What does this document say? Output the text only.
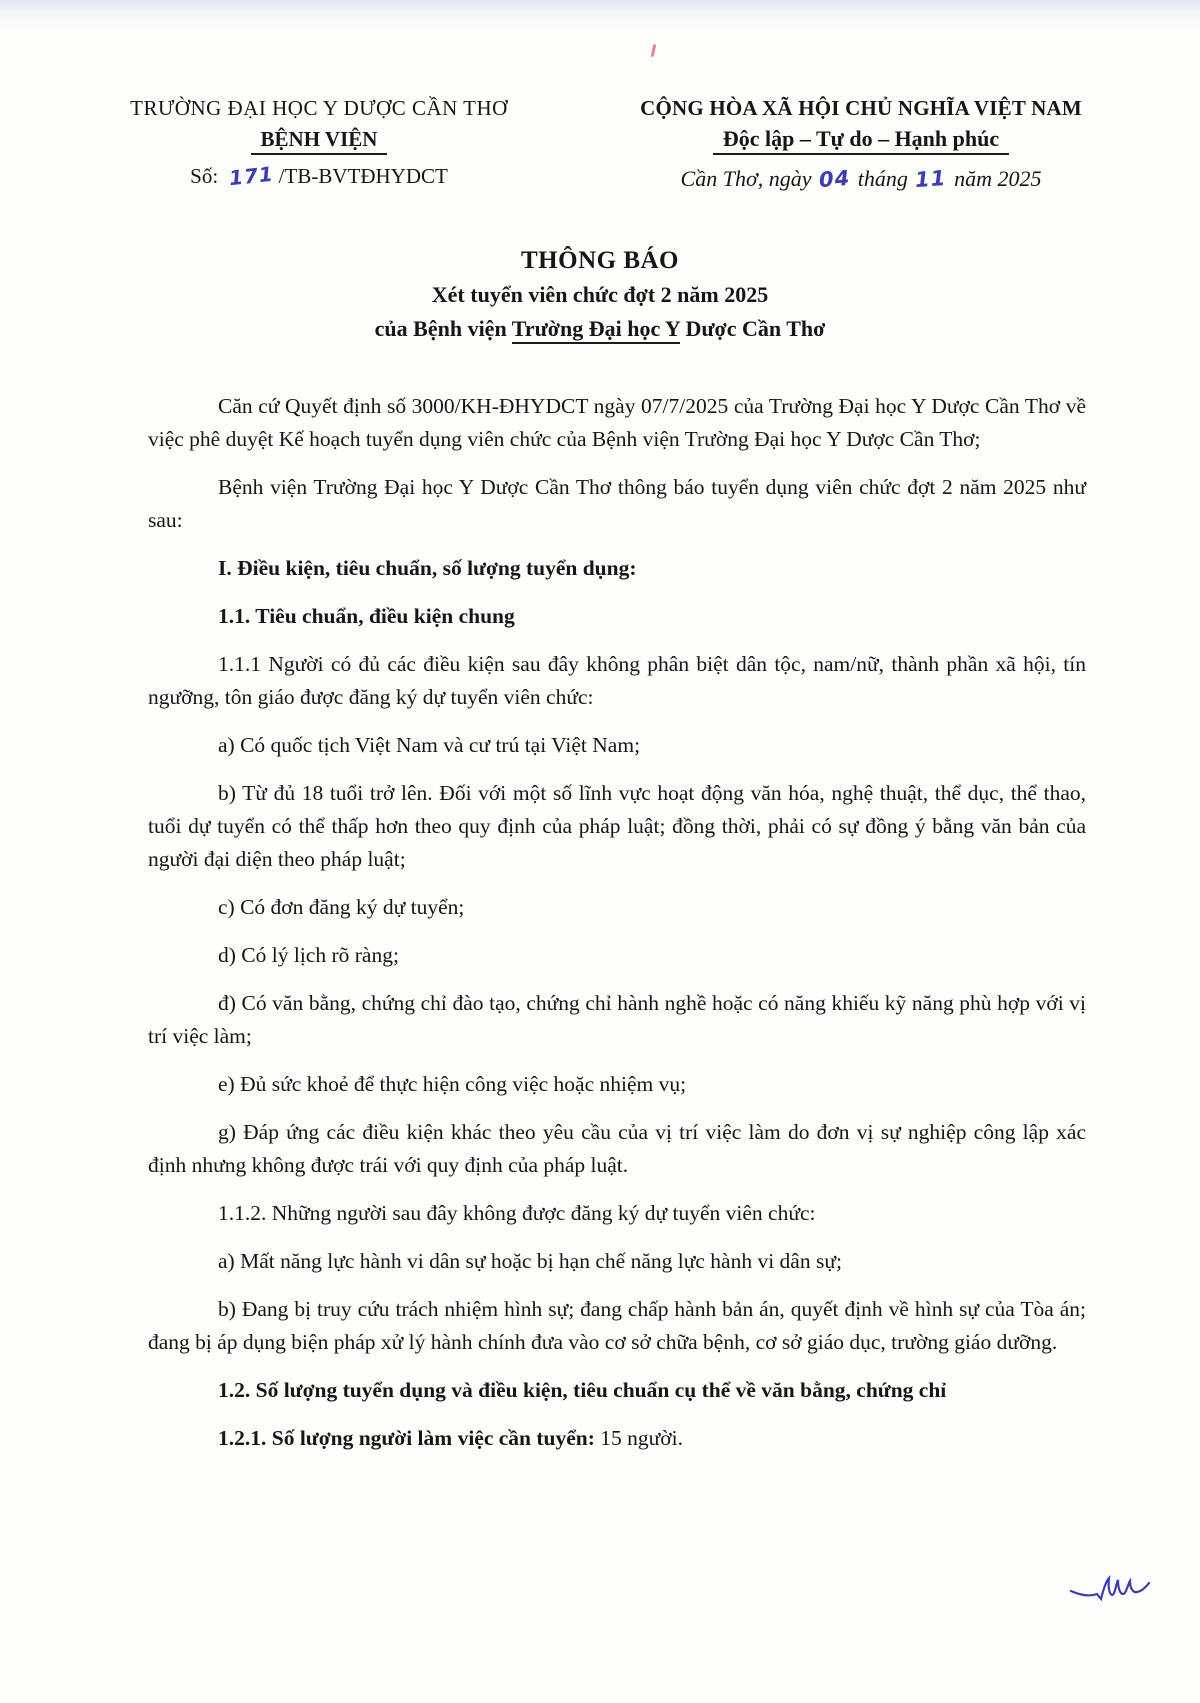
TRƯỜNG ĐẠI HỌC Y DƯỢC CẦN THƠ
BỆNH VIỆN
Số: 171 /TB-BVTĐHYDCT
CỘNG HÒA XÃ HỘI CHỦ NGHĨA VIỆT NAM
Độc lập – Tự do – Hạnh phúc
Cần Thơ, ngày 04 tháng 11 năm 2025
THÔNG BÁO
Xét tuyển viên chức đợt 2 năm 2025
của Bệnh viện Trường Đại học Y Dược Cần Thơ

Căn cứ Quyết định số 3000/KH-ĐHYDCT ngày 07/7/2025 của Trường Đại học Y Dược Cần Thơ về việc phê duyệt Kế hoạch tuyển dụng viên chức của Bệnh viện Trường Đại học Y Dược Cần Thơ;

Bệnh viện Trường Đại học Y Dược Cần Thơ thông báo tuyển dụng viên chức đợt 2 năm 2025 như sau:

I. Điều kiện, tiêu chuẩn, số lượng tuyển dụng:

1.1. Tiêu chuẩn, điều kiện chung

1.1.1 Người có đủ các điều kiện sau đây không phân biệt dân tộc, nam/nữ, thành phần xã hội, tín ngưỡng, tôn giáo được đăng ký dự tuyển viên chức:

a) Có quốc tịch Việt Nam và cư trú tại Việt Nam;

b) Từ đủ 18 tuổi trở lên. Đối với một số lĩnh vực hoạt động văn hóa, nghệ thuật, thể dục, thể thao, tuổi dự tuyển có thể thấp hơn theo quy định của pháp luật; đồng thời, phải có sự đồng ý bằng văn bản của người đại diện theo pháp luật;

c) Có đơn đăng ký dự tuyển;

d) Có lý lịch rõ ràng;

đ) Có văn bằng, chứng chỉ đào tạo, chứng chỉ hành nghề hoặc có năng khiếu kỹ năng phù hợp với vị trí việc làm;

e) Đủ sức khoẻ để thực hiện công việc hoặc nhiệm vụ;

g) Đáp ứng các điều kiện khác theo yêu cầu của vị trí việc làm do đơn vị sự nghiệp công lập xác định nhưng không được trái với quy định của pháp luật.

1.1.2. Những người sau đây không được đăng ký dự tuyển viên chức:

a) Mất năng lực hành vi dân sự hoặc bị hạn chế năng lực hành vi dân sự;

b) Đang bị truy cứu trách nhiệm hình sự; đang chấp hành bản án, quyết định về hình sự của Tòa án; đang bị áp dụng biện pháp xử lý hành chính đưa vào cơ sở chữa bệnh, cơ sở giáo dục, trường giáo dưỡng.

1.2. Số lượng tuyển dụng và điều kiện, tiêu chuẩn cụ thể về văn bằng, chứng chỉ

1.2.1. Số lượng người làm việc cần tuyển: 15 người.
